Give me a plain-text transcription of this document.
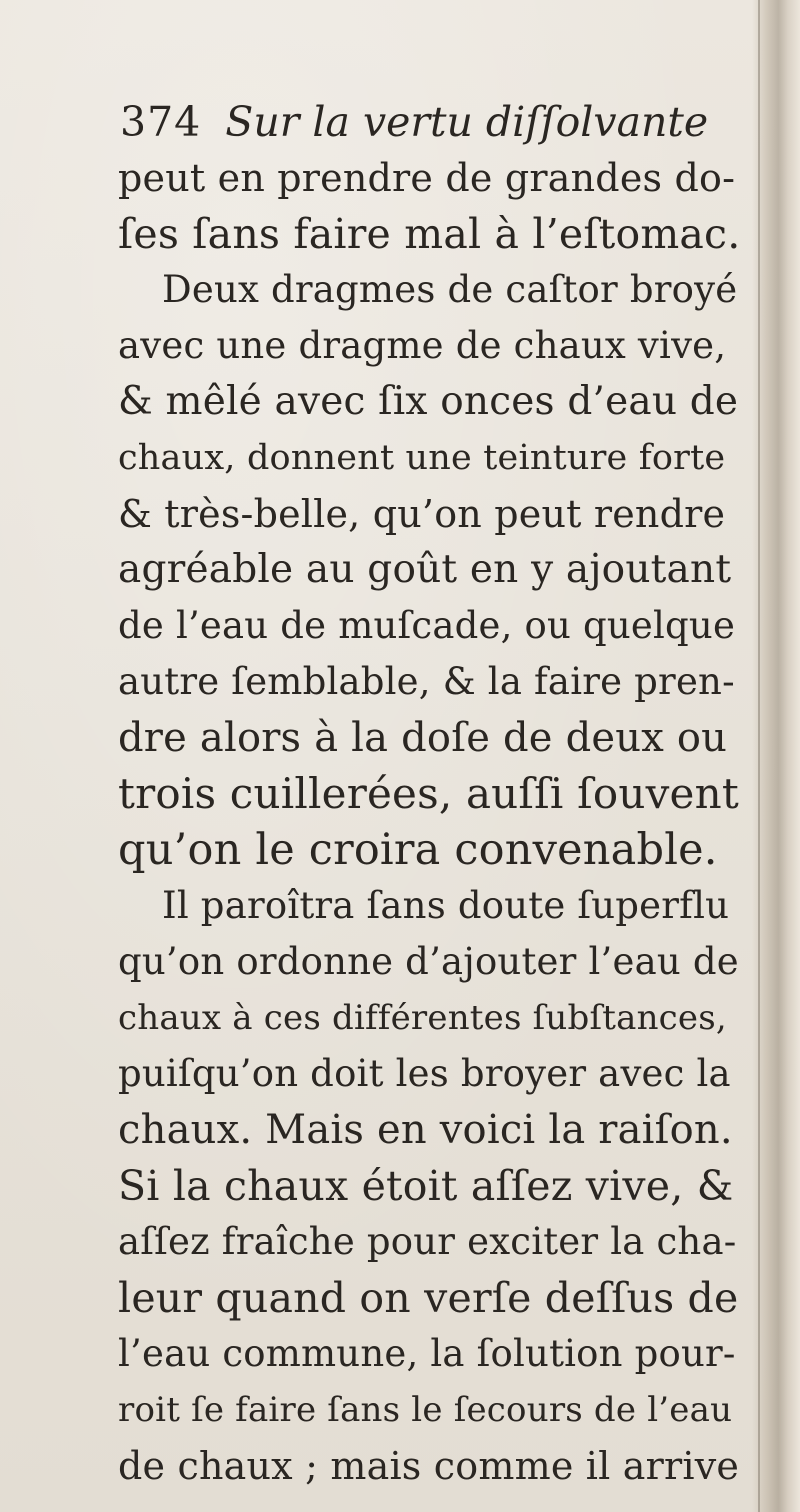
374 Sur la vertu diſſolvante
peut en prendre de grandes do-
ſes ſans faire mal à l’eſtomac.
Deux dragmes de caſtor broyé
avec une dragme de chaux vive,
& mêlé avec ſix onces d’eau de
chaux, donnent une teinture forte
& très-belle, qu’on peut rendre
agréable au goût en y ajoutant
de l’eau de muſcade, ou quelque
autre ſemblable, & la faire pren-
dre alors à la doſe de deux ou
trois cuillerées, auſſi ſouvent
qu’on le croira convenable.
Il paroîtra ſans doute ſuperflu
qu’on ordonne d’ajouter l’eau de
chaux à ces différentes ſubſtances,
puiſqu’on doit les broyer avec la
chaux. Mais en voici la raiſon.
Si la chaux étoit aſſez vive, &
aſſez fraîche pour exciter la cha-
leur quand on verſe deſſus de
l’eau commune, la ſolution pour-
roit ſe faire ſans le ſecours de l’eau
de chaux ; mais comme il arrive
